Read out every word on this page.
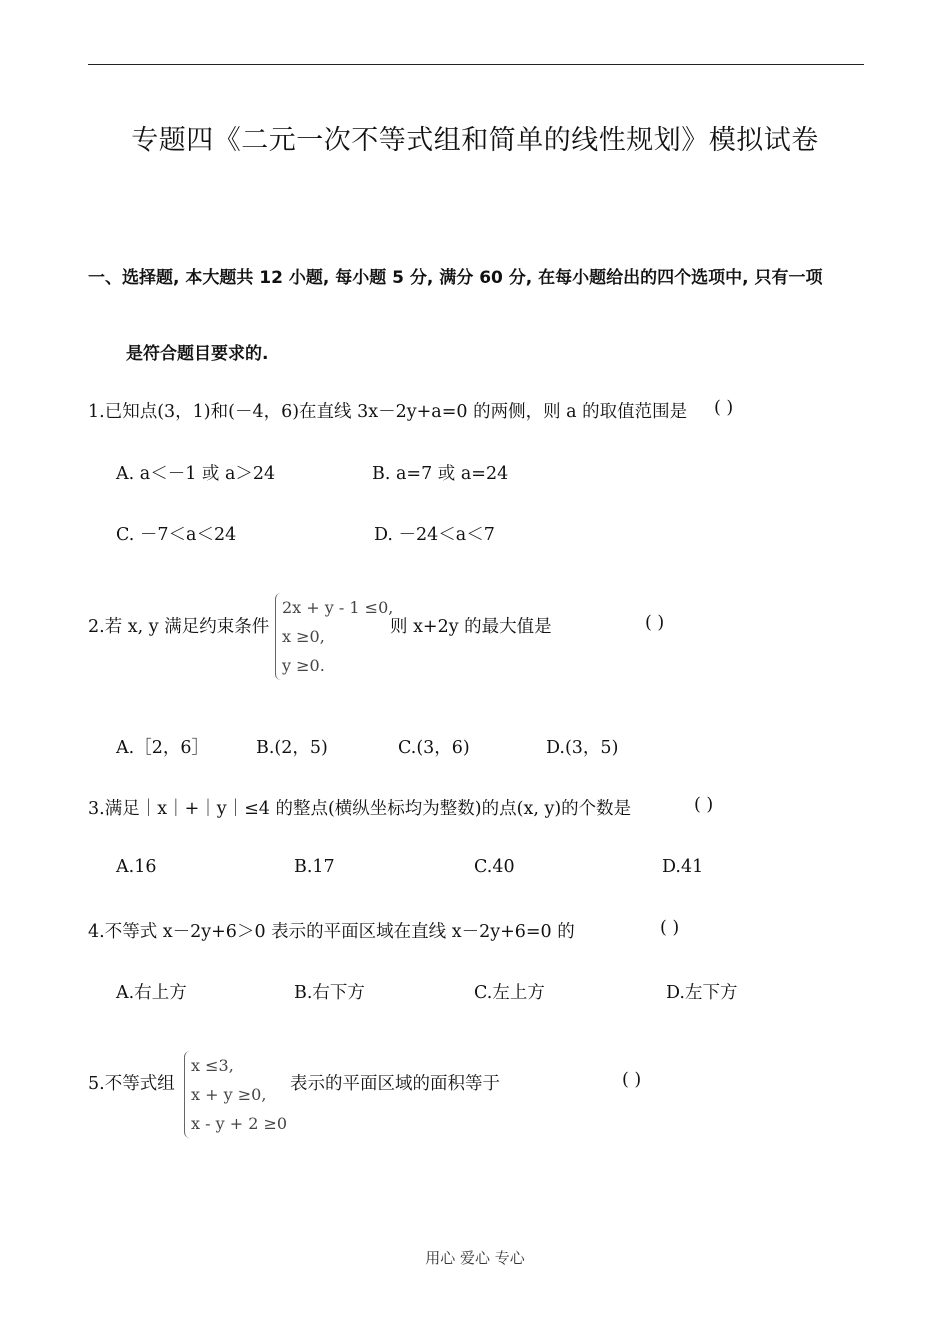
专题四《二元一次不等式组和简单的线性规划》模拟试卷
一、选择题, 本大题共 12 小题, 每小题 5 分, 满分 60 分, 在每小题给出的四个选项中, 只有一项
是符合题目要求的.
1.已知点(3，1)和(－4，6)在直线 3x－2y+a=0 的两侧，则 a 的取值范围是 ( )
A. a＜－1 或 a＞24	B. a=7 或 a=24
C. －7＜a＜24	D. －24＜a＜7
2.若 x, y 满足约束条件
2x + y - 1 ≤0,
x ≥0,
y ≥0.
则 x+2y 的最大值是	( )
A.［2，6］	B.(2，5)	C.(3，6)	D.(3，5)
3.满足｜x｜+｜y｜≤4 的整点(横纵坐标均为整数)的点(x, y)的个数是	( )
A.16	B.17	C.40	D.41
4.不等式 x－2y+6＞0 表示的平面区域在直线 x－2y+6=0 的	( )
A.右上方	B.右下方	C.左上方	D.左下方
5.不等式组
x ≤3,
x + y ≥0,
x - y + 2 ≥0
表示的平面区域的面积等于	( )
用心 爱心 专心
